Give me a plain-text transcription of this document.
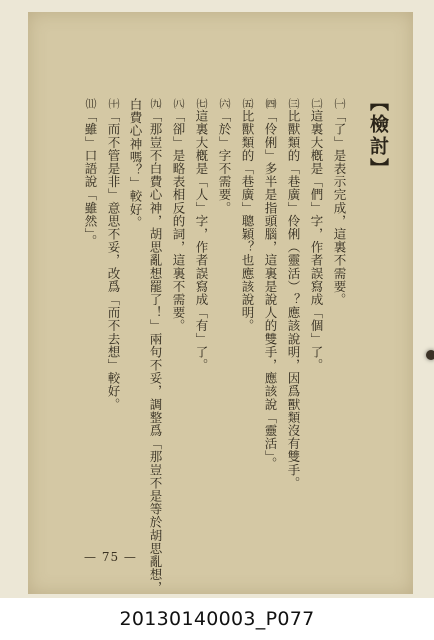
【檢討】
㈠「了」是表示完成，這裏不需要。
㈡這裏大槪是「們」字，作者誤寫成「個」了。
㈢比獸類的「巷廣」伶俐（靈活）？應該說明，因爲獸類沒有雙手。
㈣「伶俐」多半是指頭腦，這裏是說人的雙手，應該說「靈活」。
㈤比獸類的「巷廣」聰穎？也應該說明。
㈥「於」字不需要。
㈦這裏大槪是「人」字，作者誤寫成「有」了。
㈧「卻」是略表相反的詞，這裏不需要。
㈨「那豈不白費心神，胡思亂想罷了！」兩句不妥，調整爲「那豈不是等於胡思亂想，
白費心神嗎？」較好。
㈩「而不管是非」意思不妥，改爲「而不去想」較好。
⑾「雖」口語說「雖然」。
— 75 —
20130140003_P077
